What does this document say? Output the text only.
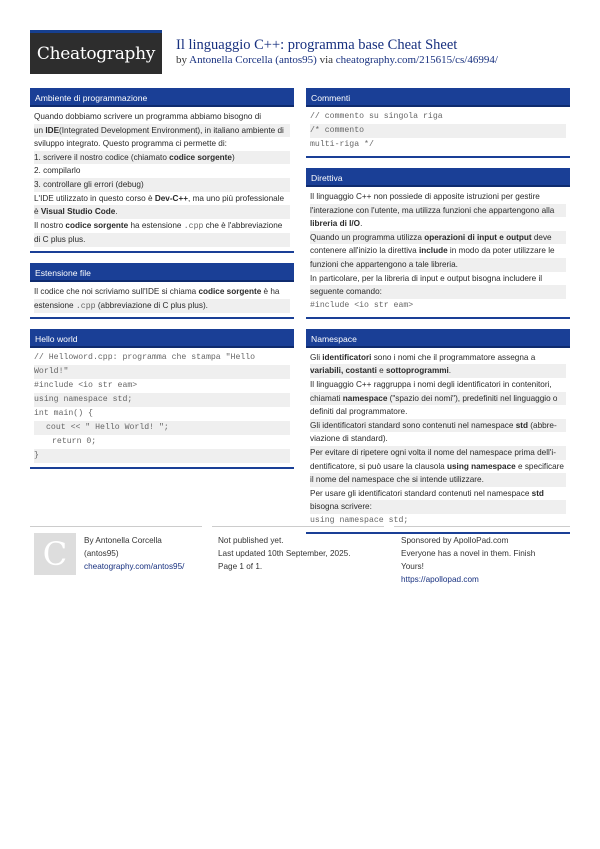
Cheatography Il linguaggio C++: programma base Cheat Sheet
by Antonella Corcella (antos95) via cheatography.com/215615/cs/46994/
Ambiente di programmazione

Quando dobbiamo scrivere un programma abbiamo bisogno di

un IDE(Integrated Development Environment), in italiano ambiente di

sviluppo integrato. Questo programma ci permette di:

1. scrivere il nostro codice (chiamato codice sorgente)

2. compilarlo

3. controllare gli errori (debug)

L'IDE utilizzato in questo corso è Dev-C++, ma uno più professionale

è Visual Studio Code.

Il nostro codice sorgente ha estensione .cpp che è l'abbreviazione

di C plus plus.

Estensione file

Il codice che noi scriviamo sull'IDE si chiama codice sorgente è ha

estensione .cpp (abbreviazione di C plus plus).

Hello world
// Helloword.cpp: programma che stampa "Hello
World!"
#include <io str eam>
using namespace std;
int main() {
cout << " Hello World! ";
return 0;
}
Commenti
// commento su singola riga
/* commento
multi-riga */
Direttiva

Il linguaggio C++ non possiede di apposite istruzioni per gestire

l'interazione con l'utente, ma utilizza funzioni che appartengono alla

libreria di I/O.

Quando un programma utilizza operazioni di input e output deve

contenere all'inizio la direttiva include in modo da poter utilizzare le

funzioni che appartengono a tale libreria.

In particolare, per la libreria di input e output bisogna includere il

seguente comando:

#include <io str eam>
Namespace

Gli identificatori sono i nomi che il programmatore assegna a

variabili, costanti e sottoprogrammi.

Il linguaggio C++ raggruppa i nomi degli identificatori in contenitori,

chiamati namespace ("spazio dei nomi"), predefiniti nel linguaggio o

definiti dal programmatore.

Gli identificatori standard sono contenuti nel namespace std (abbre-

viazione di standard).

Per evitare di ripetere ogni volta il nome del namespace prima dell'i-

dentificatore, si può usare la clausola using namespace e specificare

il nome del namespace che si intende utilizzare.

Per usare gli identificatori standard contenuti nel namespace std

bisogna scrivere:

using namespace std;
C By Antonella Corcella
(antos95)
cheatography.com/antos95/
Not published yet.
Last updated 10th September, 2025.
Page 1 of 1.
Sponsored by ApolloPad.com
Everyone has a novel in them. Finish
Yours!
https://apollopad.com
